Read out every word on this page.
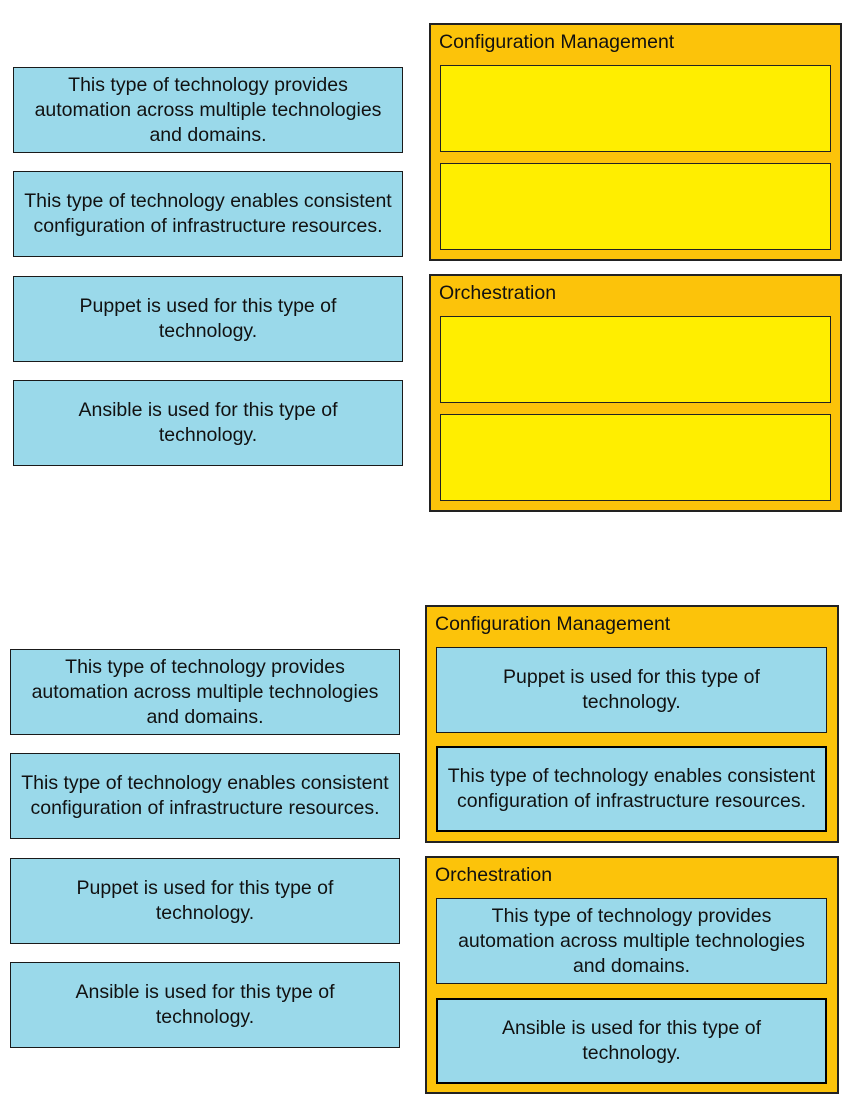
This type of technology provides automation across multiple technologies and domains.
This type of technology enables consistent configuration of infrastructure resources.
Puppet is used for this type of technology.
Ansible is used for this type of technology.
Configuration Management
Orchestration
This type of technology provides automation across multiple technologies and domains.
This type of technology enables consistent configuration of infrastructure resources.
Puppet is used for this type of technology.
Ansible is used for this type of technology.
Configuration Management
Puppet is used for this type of technology.
This type of technology enables consistent configuration of infrastructure resources.
Orchestration
This type of technology provides automation across multiple technologies and domains.
Ansible is used for this type of technology.
